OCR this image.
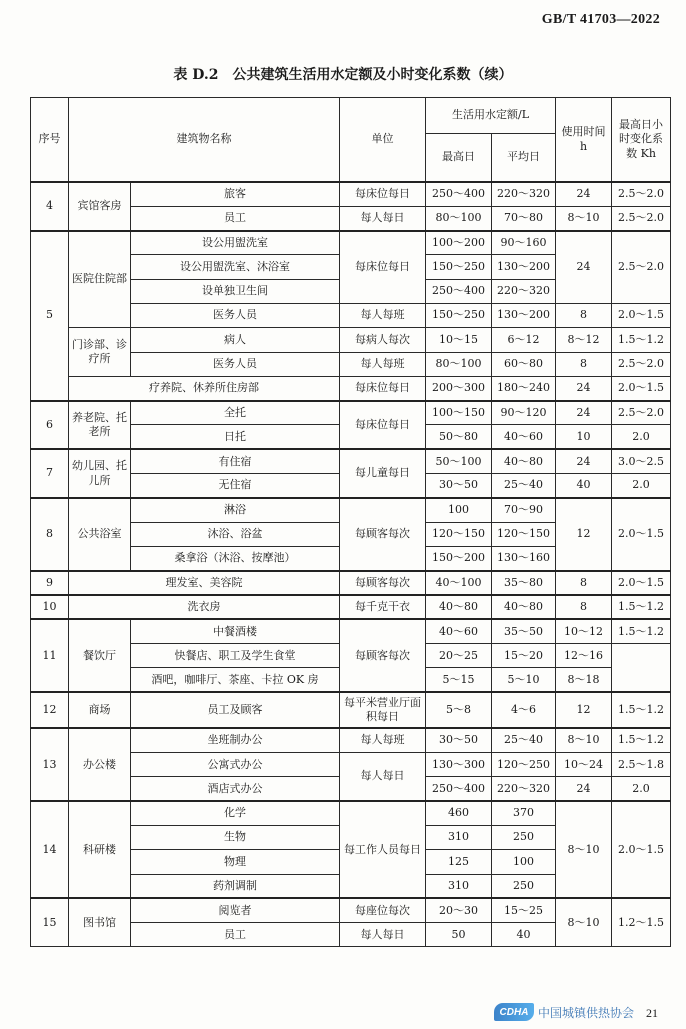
GB/T 41703—2022
表 D.2　公共建筑生活用水定额及小时变化系数（续）
序号	建筑物名称		单位	生活用水定额/L		使用时间 h	最高日小时变化系数 Kh
				最高日	平均日		
4	宾馆客房	旅客	每床位每日	250～400	220～320	24	2.5～2.0
		员工	每人每日	80～100	70～80	8～10	2.5～2.0
5	医院住院部	设公用盥洗室	每床位每日	100～200	90～160	24	2.5～2.0
		设公用盥洗室、沐浴室		150～250	130～200		
		设单独卫生间		250～400	220～320		
		医务人员	每人每班	150～250	130～200	8	2.0～1.5
	门诊部、诊疗所	病人	每病人每次	10～15	6～12	8～12	1.5～1.2
		医务人员	每人每班	80～100	60～80	8	2.5～2.0
	疗养院、休养所住房部		每床位每日	200～300	180～240	24	2.0～1.5
6	养老院、托老所	全托	每床位每日	100～150	90～120	24	2.5～2.0
		日托		50～80	40～60	10	2.0
7	幼儿园、托儿所	有住宿	每儿童每日	50～100	40～80	24	3.0～2.5
		无住宿		30～50	25～40	40	2.0
8	公共浴室	淋浴	每顾客每次	100	70～90	12	2.0～1.5
		沐浴、浴盆		120～150	120～150		
		桑拿浴（沐浴、按摩池）		150～200	130～160		
9	理发室、美容院		每顾客每次	40～100	35～80	8	2.0～1.5
10	洗衣房		每千克干衣	40～80	40～80	8	1.5～1.2
11	餐饮厅	中餐酒楼	每顾客每次	40～60	35～50	10～12	1.5～1.2
		快餐店、职工及学生食堂		20～25	15～20	12～16	
		酒吧，咖啡厅、茶座、卡拉 OK 房		5～15	5～10	8～18	
12	商场	员工及顾客	每平米营业厅面积每日	5～8	4～6	12	1.5～1.2
13	办公楼	坐班制办公	每人每班	30～50	25～40	8～10	1.5～1.2
		公寓式办公	每人每日	130～300	120～250	10～24	2.5～1.8
		酒店式办公		250～400	220～320	24	2.0
14	科研楼	化学	每工作人员每日	460	370	8～10	2.0～1.5
		生物		310	250		
		物理		125	100		
		药剂调制		310	250		
15	图书馆	阅览者	每座位每次	20～30	15～25	8～10	1.2～1.5
		员工	每人每日	50	40		
CDHA 中国城镇供热协会 21
